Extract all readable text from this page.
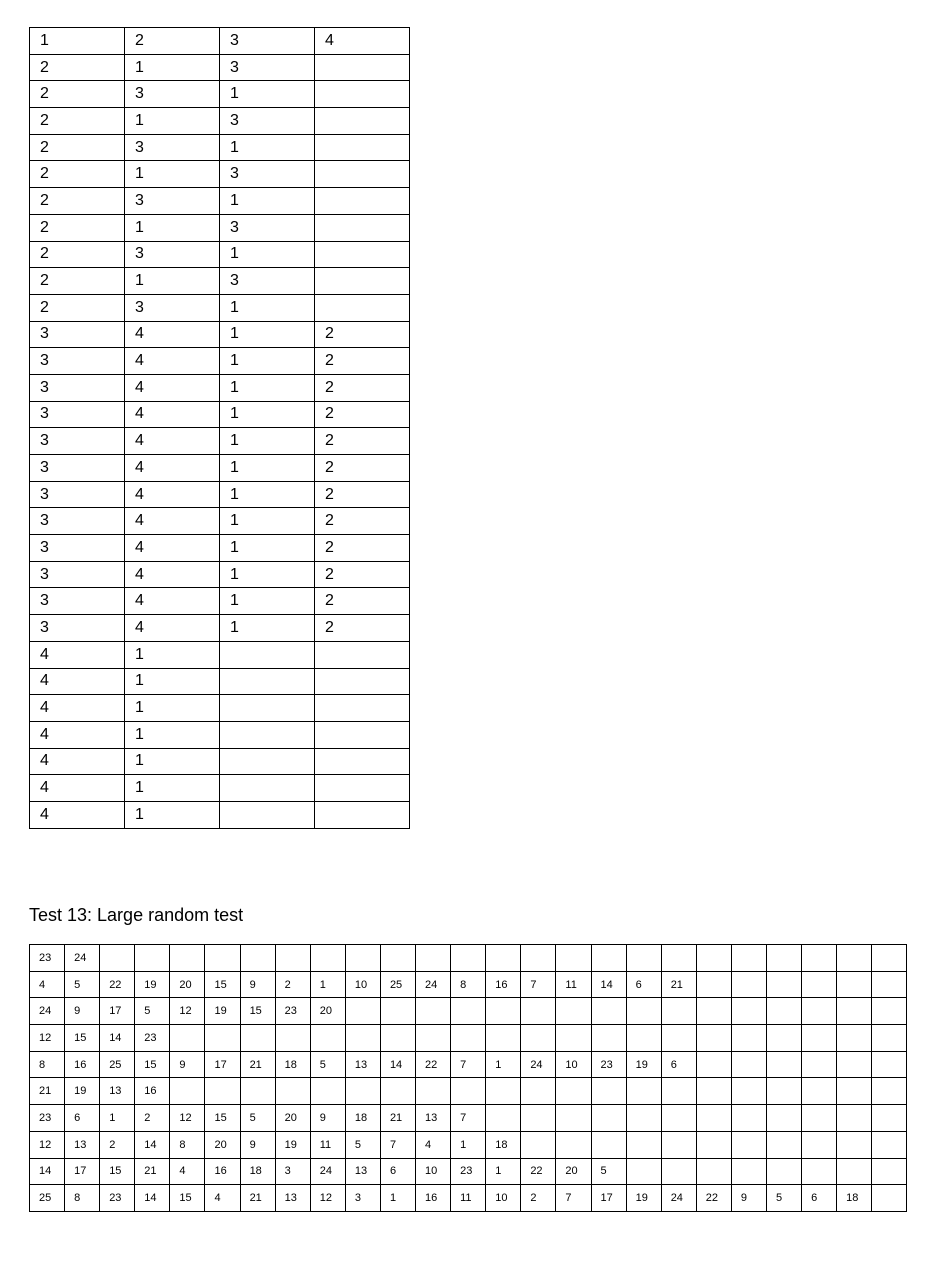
1	2	3	4
2	1	3	
2	3	1	
2	1	3	
2	3	1	
2	1	3	
2	3	1	
2	1	3	
2	3	1	
2	1	3	
2	3	1	
3	4	1	2
3	4	1	2
3	4	1	2
3	4	1	2
3	4	1	2
3	4	1	2
3	4	1	2
3	4	1	2
3	4	1	2
3	4	1	2
3	4	1	2
3	4	1	2
4	1		
4	1		
4	1		
4	1		
4	1		
4	1		
4	1		
Test 13: Large random test
23	24																							
4	5	22	19	20	15	9	2	1	10	25	24	8	16	7	11	14	6	21						
24	9	17	5	12	19	15	23	20																
12	15	14	23																					
8	16	25	15	9	17	21	18	5	13	14	22	7	1	24	10	23	19	6						
21	19	13	16																					
23	6	1	2	12	15	5	20	9	18	21	13	7												
12	13	2	14	8	20	9	19	11	5	7	4	1	18											
14	17	15	21	4	16	18	3	24	13	6	10	23	1	22	20	5								
25	8	23	14	15	4	21	13	12	3	1	16	11	10	2	7	17	19	24	22	9	5	6	18	
